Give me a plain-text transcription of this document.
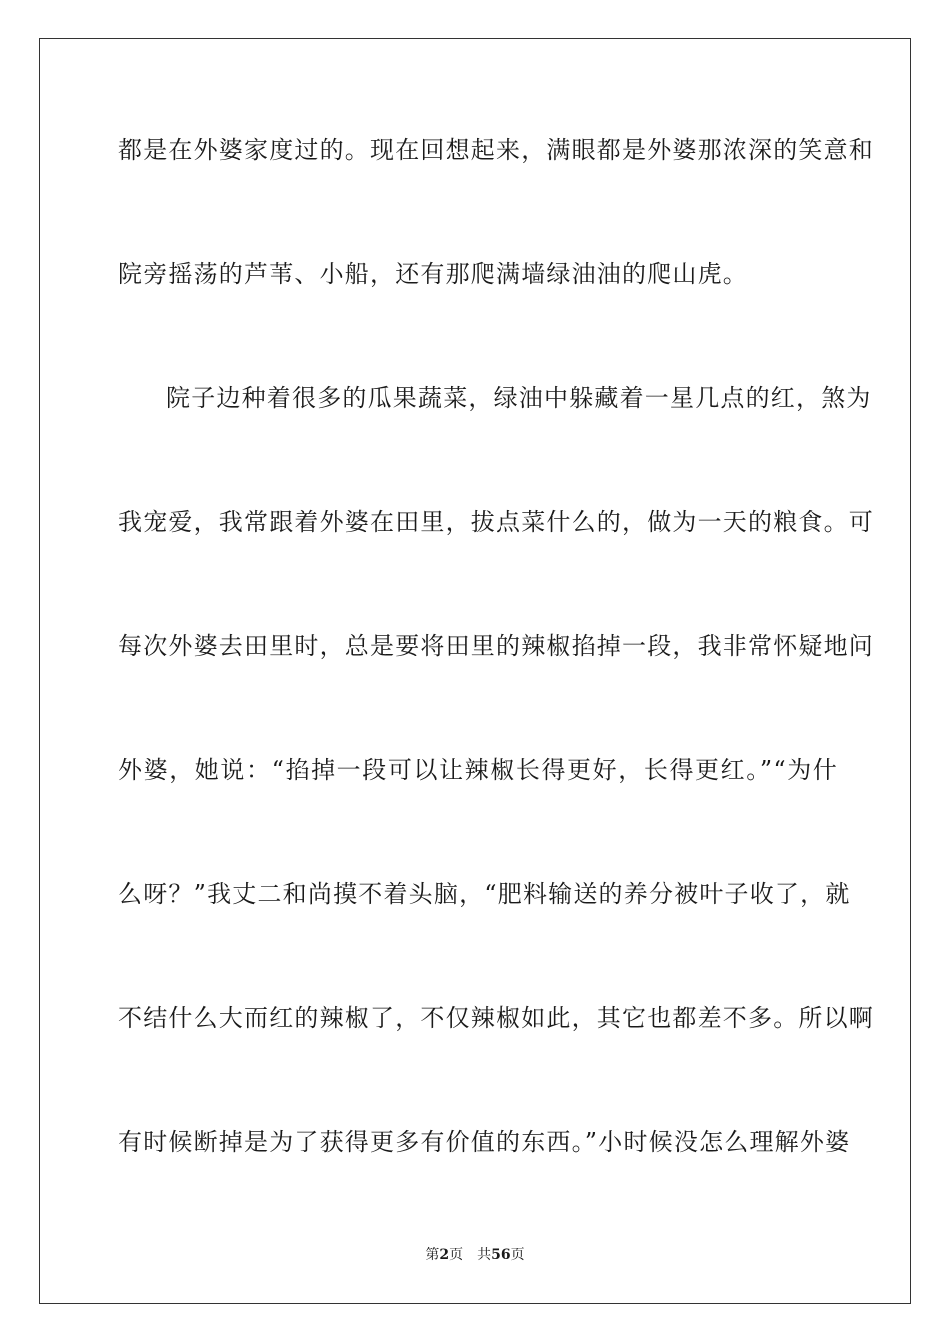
都是在外婆家度过的。现在回想起来，满眼都是外婆那浓深的笑意和
院旁摇荡的芦苇、小船，还有那爬满墙绿油油的爬山虎。
院子边种着很多的瓜果蔬菜，绿油中躲藏着一星几点的红，煞为
我宠爱，我常跟着外婆在田里，拔点菜什么的，做为一天的粮食。可
每次外婆去田里时，总是要将田里的辣椒掐掉一段，我非常怀疑地问
外婆，她说：“掐掉一段可以让辣椒长得更好，长得更红。”“为什
么呀？”我丈二和尚摸不着头脑，“肥料输送的养分被叶子收了，就
不结什么大而红的辣椒了，不仅辣椒如此，其它也都差不多。所以啊
有时候断掉是为了获得更多有价值的东西。”小时候没怎么理解外婆
第2页 共56页
